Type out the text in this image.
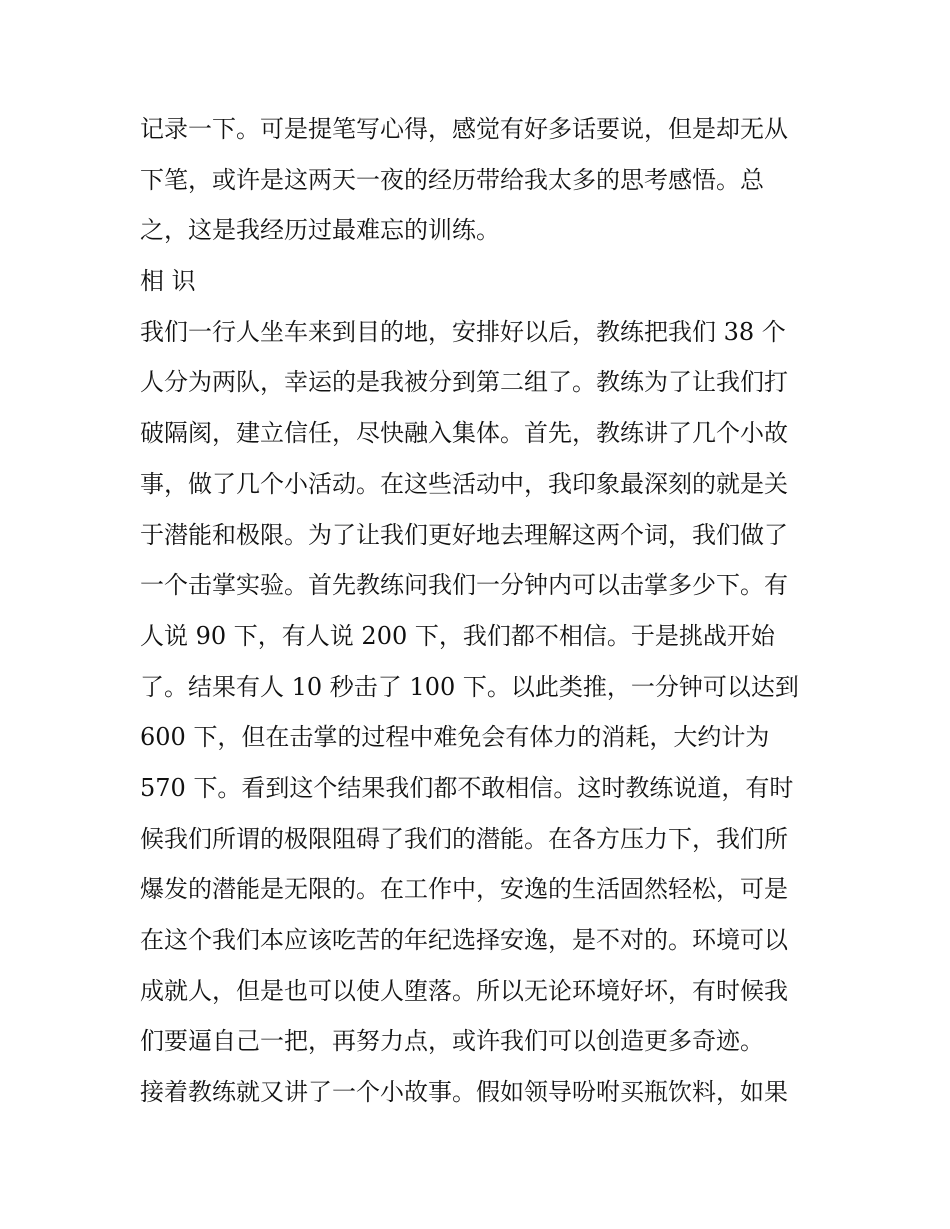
记录一下。可是提笔写心得，感觉有好多话要说，但是却无从
下笔，或许是这两天一夜的经历带给我太多的思考感悟。总
之，这是我经历过最难忘的训练。
相 识
我们一行人坐车来到目的地，安排好以后，教练把我们 38 个
人分为两队，幸运的是我被分到第二组了。教练为了让我们打
破隔阂，建立信任，尽快融入集体。首先，教练讲了几个小故
事，做了几个小活动。在这些活动中，我印象最深刻的就是关
于潜能和极限。为了让我们更好地去理解这两个词，我们做了
一个击掌实验。首先教练问我们一分钟内可以击掌多少下。有
人说 90 下，有人说 200 下，我们都不相信。于是挑战开始
了。结果有人 10 秒击了 100 下。以此类推，一分钟可以达到
600 下，但在击掌的过程中难免会有体力的消耗，大约计为
570 下。看到这个结果我们都不敢相信。这时教练说道，有时
候我们所谓的极限阻碍了我们的潜能。在各方压力下，我们所
爆发的潜能是无限的。在工作中，安逸的生活固然轻松，可是
在这个我们本应该吃苦的年纪选择安逸，是不对的。环境可以
成就人，但是也可以使人堕落。所以无论环境好坏，有时候我
们要逼自己一把，再努力点，或许我们可以创造更多奇迹。
接着教练就又讲了一个小故事。假如领导吩咐买瓶饮料，如果
